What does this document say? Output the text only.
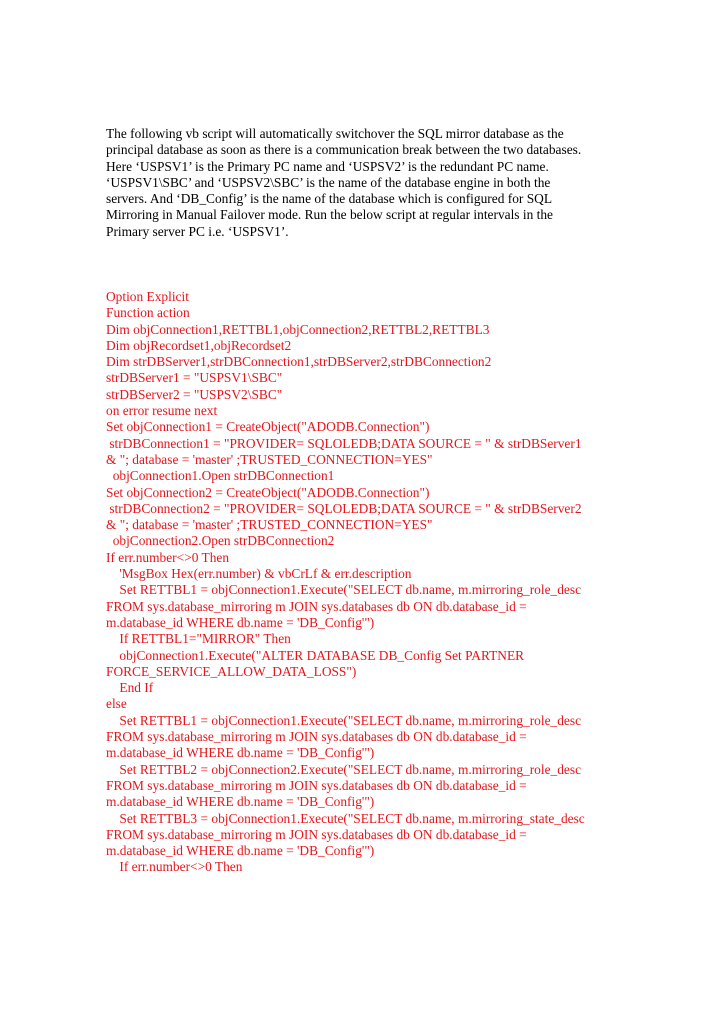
The following vb script will automatically switchover the SQL mirror database as the
principal database as soon as there is a communication break between the two databases.
Here ‘USPSV1’ is the Primary PC name and ‘USPSV2’ is the redundant PC name.
‘USPSV1\SBC’ and ‘USPSV2\SBC’ is the name of the database engine in both the
servers. And ‘DB_Config’ is the name of the database which is configured for SQL
Mirroring in Manual Failover mode. Run the below script at regular intervals in the
Primary server PC i.e. ‘USPSV1’.
Option Explicit
Function action
Dim objConnection1,RETTBL1,objConnection2,RETTBL2,RETTBL3
Dim objRecordset1,objRecordset2
Dim strDBServer1,strDBConnection1,strDBServer2,strDBConnection2
strDBServer1 = "USPSV1\SBC"
strDBServer2 = "USPSV2\SBC"
on error resume next
Set objConnection1 = CreateObject("ADODB.Connection")
strDBConnection1 = "PROVIDER= SQLOLEDB;DATA SOURCE = " & strDBServer1
& "; database = 'master' ;TRUSTED_CONNECTION=YES"
objConnection1.Open strDBConnection1
Set objConnection2 = CreateObject("ADODB.Connection")
strDBConnection2 = "PROVIDER= SQLOLEDB;DATA SOURCE = " & strDBServer2
& "; database = 'master' ;TRUSTED_CONNECTION=YES"
objConnection2.Open strDBConnection2
If err.number<>0 Then
'MsgBox Hex(err.number) & vbCrLf & err.description
Set RETTBL1 = objConnection1.Execute("SELECT db.name, m.mirroring_role_desc
FROM sys.database_mirroring m JOIN sys.databases db ON db.database_id =
m.database_id WHERE db.name = 'DB_Config'")
If RETTBL1="MIRROR" Then
objConnection1.Execute("ALTER DATABASE DB_Config Set PARTNER
FORCE_SERVICE_ALLOW_DATA_LOSS")
End If
else
Set RETTBL1 = objConnection1.Execute("SELECT db.name, m.mirroring_role_desc
FROM sys.database_mirroring m JOIN sys.databases db ON db.database_id =
m.database_id WHERE db.name = 'DB_Config'")
Set RETTBL2 = objConnection2.Execute("SELECT db.name, m.mirroring_role_desc
FROM sys.database_mirroring m JOIN sys.databases db ON db.database_id =
m.database_id WHERE db.name = 'DB_Config'")
Set RETTBL3 = objConnection1.Execute("SELECT db.name, m.mirroring_state_desc
FROM sys.database_mirroring m JOIN sys.databases db ON db.database_id =
m.database_id WHERE db.name = 'DB_Config'")
If err.number<>0 Then
